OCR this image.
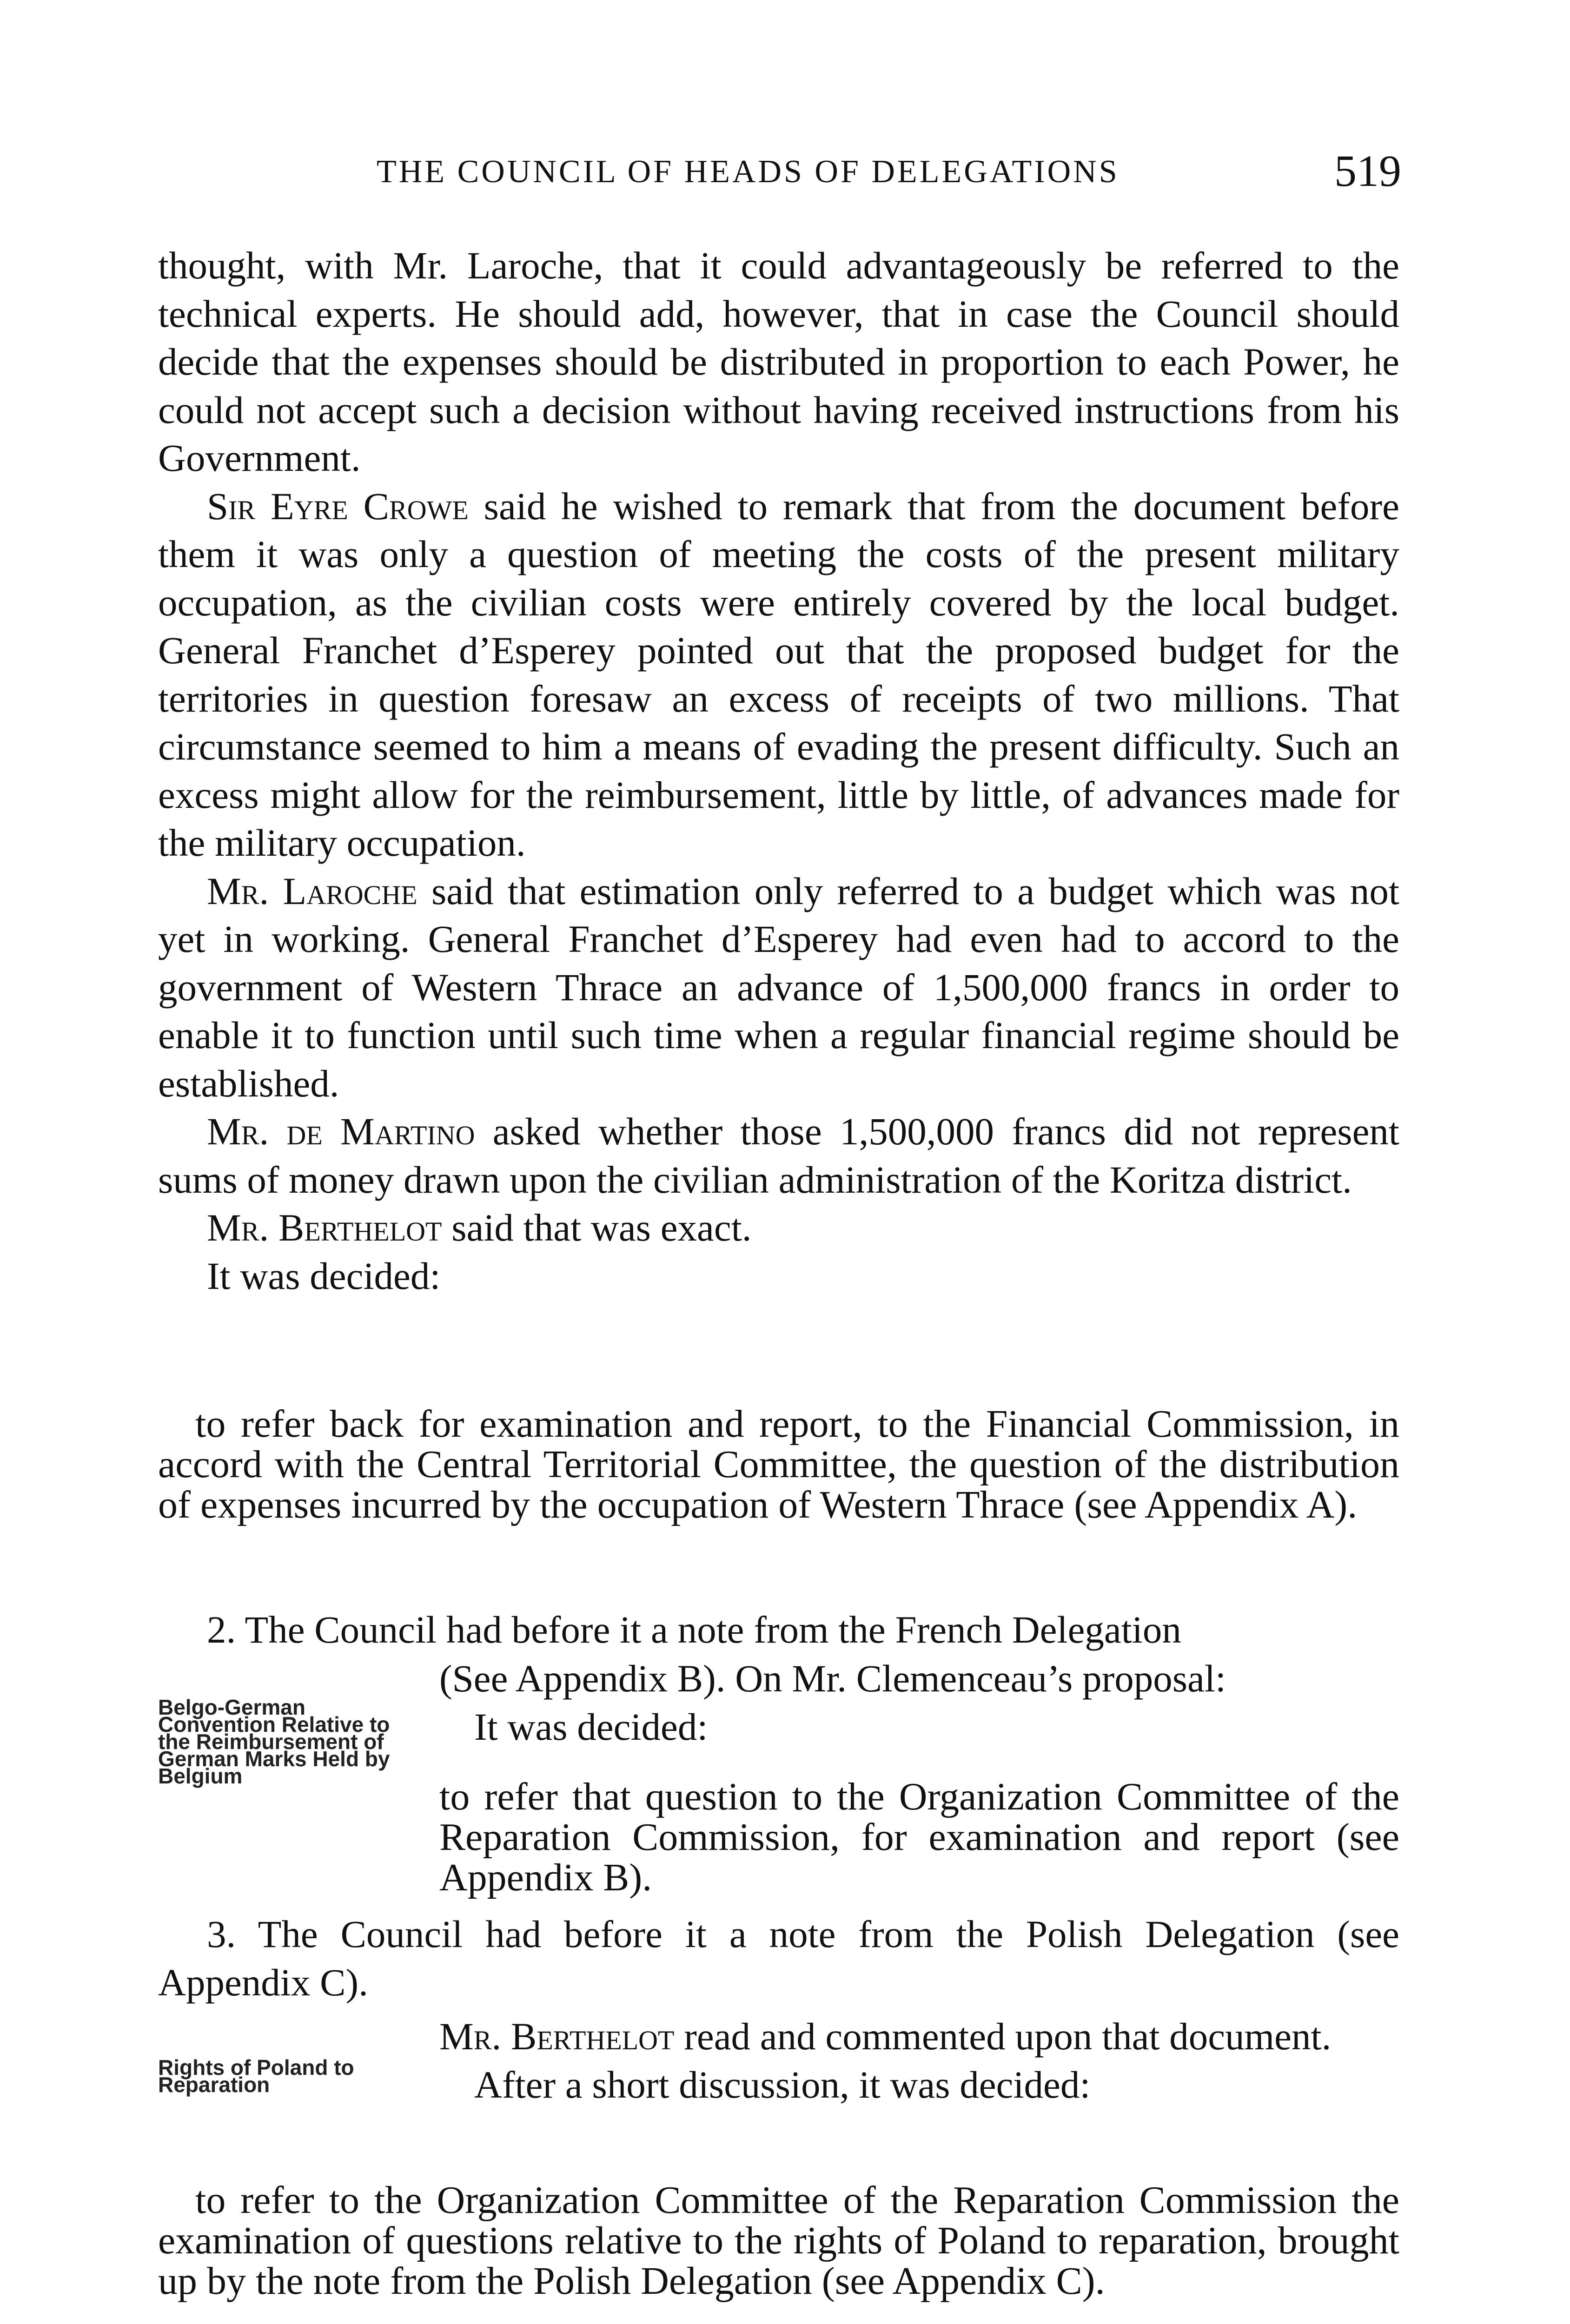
THE COUNCIL OF HEADS OF DELEGATIONS	519

thought, with Mr. Laroche, that it could advantageously be referred to the technical experts. He should add, however, that in case the Council should decide that the expenses should be distributed in proportion to each Power, he could not accept such a decision without having received instructions from his Government.

Sir Eyre Crowe said he wished to remark that from the document before them it was only a question of meeting the costs of the present military occupation, as the civilian costs were entirely covered by the local budget. General Franchet d’Esperey pointed out that the proposed budget for the territories in question foresaw an excess of receipts of two millions. That circumstance seemed to him a means of evading the present difficulty. Such an excess might allow for the reimbursement, little by little, of advances made for the military occupation.

Mr. Laroche said that estimation only referred to a budget which was not yet in working. General Franchet d’Esperey had even had to accord to the government of Western Thrace an advance of 1,500,000 francs in order to enable it to function until such time when a regular financial regime should be established.

Mr. de Martino asked whether those 1,500,000 francs did not represent sums of money drawn upon the civilian administration of the Koritza district.

Mr. Berthelot said that was exact.

It was decided:

to refer back for examination and report, to the Financial Commission, in accord with the Central Territorial Committee, the question of the distribution of expenses incurred by the occupation of Western Thrace (see Appendix A).

2. The Council had before it a note from the French Delegation

(See Appendix B). On Mr. Clemenceau’s proposal:

It was decided:

to refer that question to the Organization Committee of the Reparation Commission, for examination and report (see Appendix B).

Belgo-German Convention Relative to the Reimbursement of German Marks Held by Belgium

3. The Council had before it a note from the Polish Delegation (see Appendix C).

Mr. Berthelot read and commented upon that document.

After a short discussion, it was decided:

Rights of Poland to Reparation

to refer to the Organization Committee of the Reparation Commission the examination of questions relative to the rights of Poland to reparation, brought up by the note from the Polish Delegation (see Appendix C).
